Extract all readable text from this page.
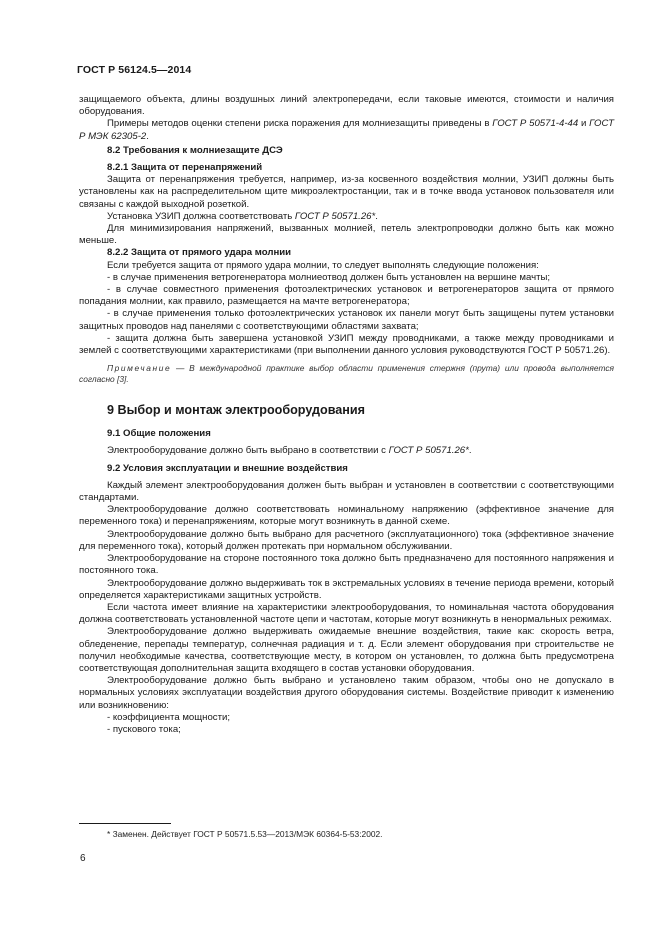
ГОСТ Р 56124.5—2014

защищаемого объекта, длины воздушных линий электропередачи, если таковые имеются, стоимости и наличия оборудования.

Примеры методов оценки степени риска поражения для молниезащиты приведены в ГОСТ Р 50571-4-44 и ГОСТ Р МЭК 62305-2.

8.2 Требования к молниезащите ДСЭ

8.2.1 Защита от перенапряжений

Защита от перенапряжения требуется, например, из-за косвенного воздействия молнии, УЗИП должны быть установлены как на распределительном щите микроэлектростанции, так и в точке ввода установок пользователя или связаны с каждой выходной розеткой.

Установка УЗИП должна соответствовать ГОСТ Р 50571.26*.

Для минимизирования напряжений, вызванных молнией, петель электропроводки должно быть как можно меньше.

8.2.2 Защита от прямого удара молнии

Если требуется защита от прямого удара молнии, то следует выполнять следующие положения:

- в случае применения ветрогенератора молниеотвод должен быть установлен на вершине мачты;

- в случае совместного применения фотоэлектрических установок и ветрогенераторов защита от прямого попадания молнии, как правило, размещается на мачте ветрогенератора;

- в случае применения только фотоэлектрических установок их панели могут быть защищены путем установки защитных проводов над панелями с соответствующими областями захвата;

- защита должна быть завершена установкой УЗИП между проводниками, а также между проводниками и землей с соответствующими характеристиками (при выполнении данного условия руководствуются ГОСТ Р 50571.26).

Примечание — В международной практике выбор области применения стержня (прута) или провода выполняется согласно [3].

9 Выбор и монтаж электрооборудования

9.1 Общие положения

Электрооборудование должно быть выбрано в соответствии с ГОСТ Р 50571.26*.

9.2 Условия эксплуатации и внешние воздействия

Каждый элемент электрооборудования должен быть выбран и установлен в соответствии с соответствующими стандартами.

Электрооборудование должно соответствовать номинальному напряжению (эффективное значение для переменного тока) и перенапряжениям, которые могут возникнуть в данной схеме.

Электрооборудование должно быть выбрано для расчетного (эксплуатационного) тока (эффективное значение для переменного тока), который должен протекать при нормальном обслуживании.

Электрооборудование на стороне постоянного тока должно быть предназначено для постоянного напряжения и постоянного тока.

Электрооборудование должно выдерживать ток в экстремальных условиях в течение периода времени, который определяется характеристиками защитных устройств.

Если частота имеет влияние на характеристики электрооборудования, то номинальная частота оборудования должна соответствовать установленной частоте цепи и частотам, которые могут возникнуть в ненормальных режимах.

Электрооборудование должно выдерживать ожидаемые внешние воздействия, такие как: скорость ветра, обледенение, перепады температур, солнечная радиация и т. д. Если элемент оборудования при строительстве не получил необходимые качества, соответствующие месту, в котором он установлен, то должна быть предусмотрена соответствующая дополнительная защита входящего в состав установки оборудования.

Электрооборудование должно быть выбрано и установлено таким образом, чтобы оно не допускало в нормальных условиях эксплуатации воздействия другого оборудования системы. Воздействие приводит к изменению или возникновению:

- коэффициента мощности;

- пускового тока;

* Заменен. Действует ГОСТ Р 50571.5.53—2013/МЭК 60364-5-53:2002.
6
